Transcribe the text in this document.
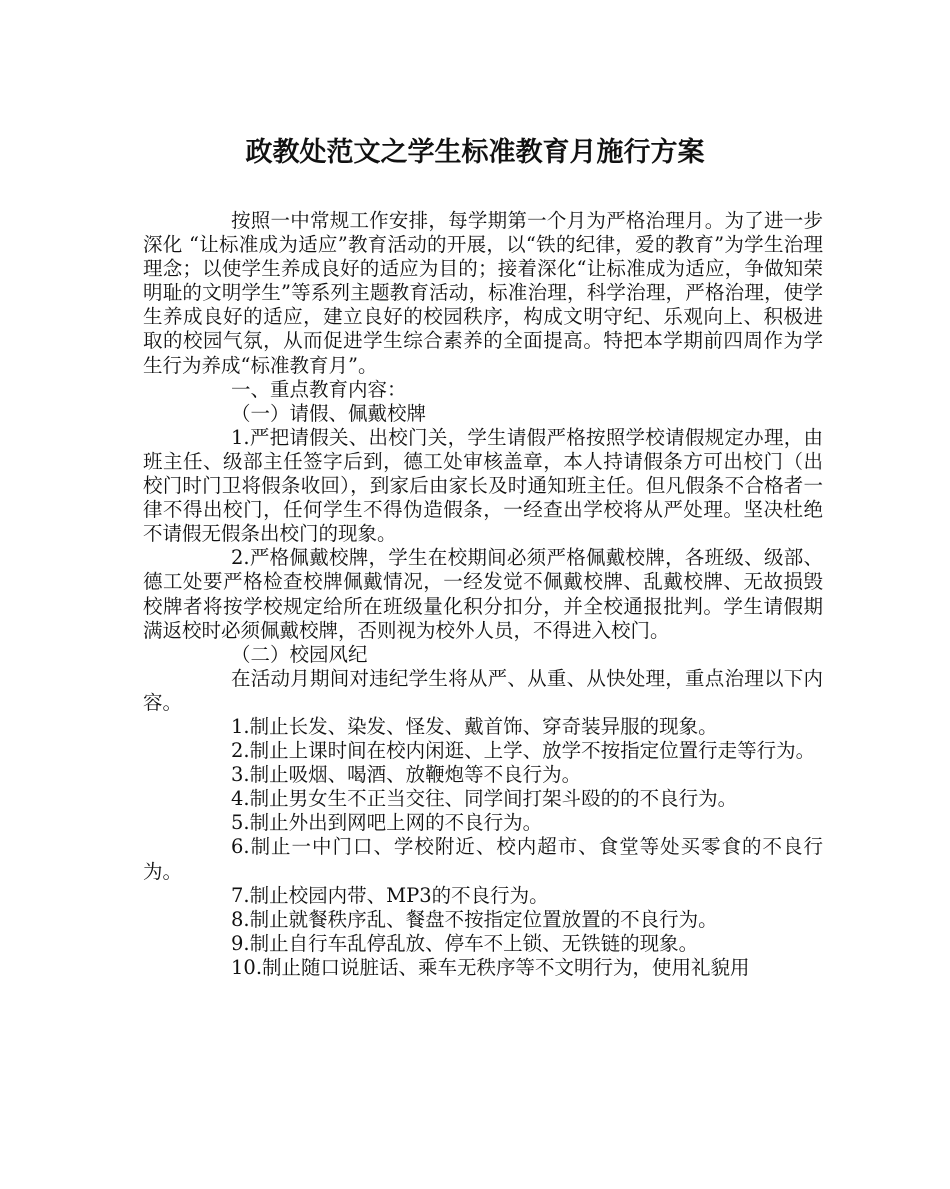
政教处范文之学生标准教育月施行方案

按照一中常规工作安排，每学期第一个月为严格治理月。为了进一步深化 “让标准成为适应”教育活动的开展，以“铁的纪律，爱的教育”为学生治理理念；以使学生养成良好的适应为目的；接着深化“让标准成为适应，争做知荣明耻的文明学生”等系列主题教育活动，标准治理，科学治理，严格治理，使学生养成良好的适应，建立良好的校园秩序，构成文明守纪、乐观向上、积极进取的校园气氛，从而促进学生综合素养的全面提高。特把本学期前四周作为学生行为养成“标准教育月”。

一、重点教育内容：

（一）请假、佩戴校牌

1.严把请假关、出校门关，学生请假严格按照学校请假规定办理，由班主任、级部主任签字后到，德工处审核盖章，本人持请假条方可出校门（出校门时门卫将假条收回），到家后由家长及时通知班主任。但凡假条不合格者一律不得出校门，任何学生不得伪造假条，一经查出学校将从严处理。坚决杜绝不请假无假条出校门的现象。

2.严格佩戴校牌，学生在校期间必须严格佩戴校牌，各班级、级部、德工处要严格检查校牌佩戴情况，一经发觉不佩戴校牌、乱戴校牌、无故损毁校牌者将按学校规定给所在班级量化积分扣分，并全校通报批判。学生请假期满返校时必须佩戴校牌，否则视为校外人员，不得进入校门。

（二）校园风纪

在活动月期间对违纪学生将从严、从重、从快处理，重点治理以下内容。

1.制止长发、染发、怪发、戴首饰、穿奇装异服的现象。

2.制止上课时间在校内闲逛、上学、放学不按指定位置行走等行为。

3.制止吸烟、喝酒、放鞭炮等不良行为。

4.制止男女生不正当交往、同学间打架斗殴的的不良行为。

5.制止外出到网吧上网的不良行为。

6.制止一中门口、学校附近、校内超市、食堂等处买零食的不良行为。

7.制止校园内带、MP3的不良行为。

8.制止就餐秩序乱、餐盘不按指定位置放置的不良行为。

9.制止自行车乱停乱放、停车不上锁、无铁链的现象。

10.制止随口说脏话、乘车无秩序等不文明行为，使用礼貌用
